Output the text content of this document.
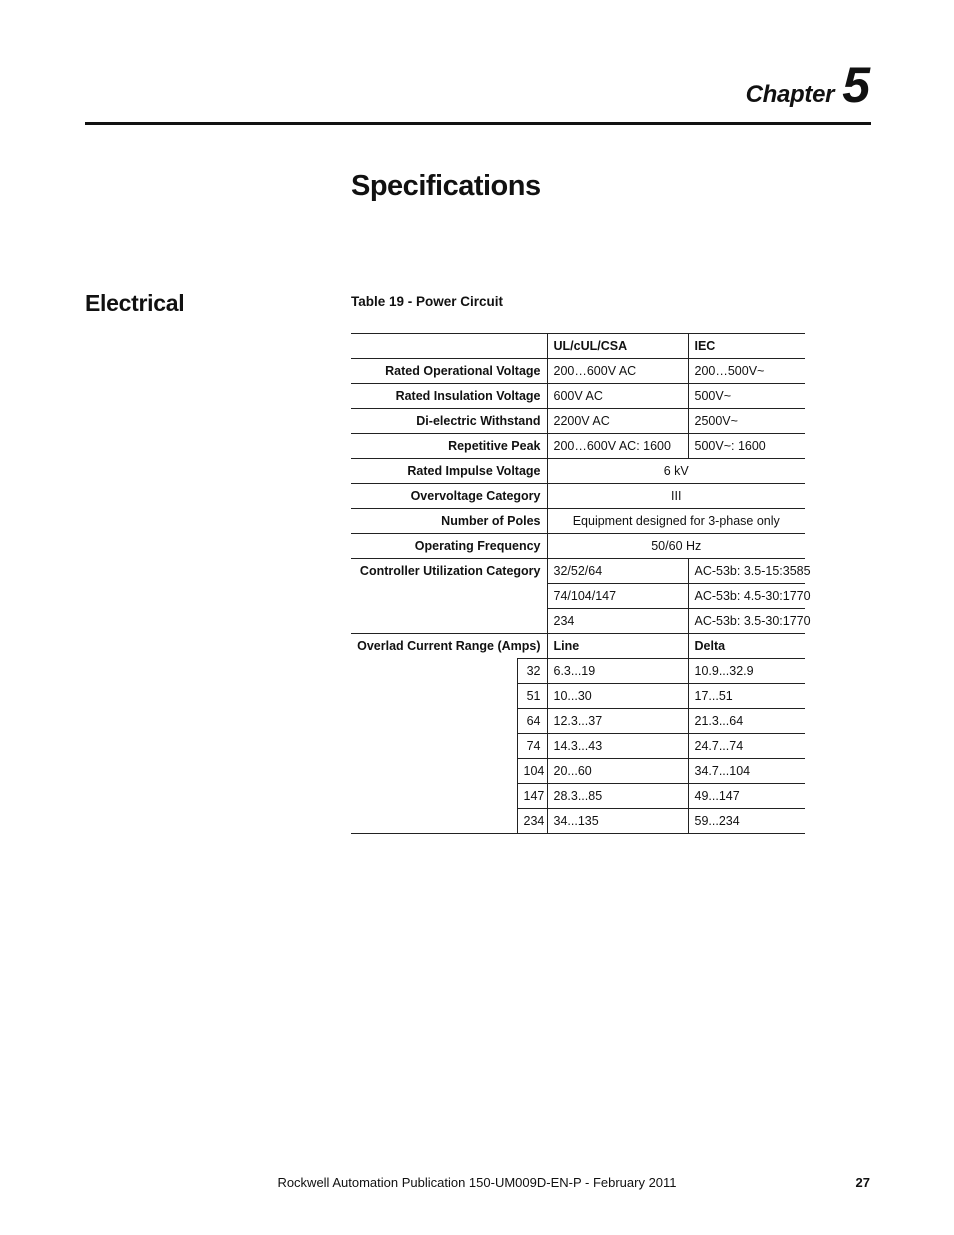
Chapter 5
Specifications
Electrical	Table 19 - Power Circuit
		UL/cUL/CSA	IEC
Rated Operational Voltage		200…600V AC	200…500V~
Rated Insulation Voltage		600V AC	500V~
Di-electric Withstand		2200V AC	2500V~
Repetitive Peak		200…600V AC: 1600	500V~: 1600
Rated Impulse Voltage		6 kV	
Overvoltage Category		III	
Number of Poles		Equipment designed for 3-phase only	
Operating Frequency		50/60 Hz	
Controller Utilization Category		32/52/64	AC-53b: 3.5-15:3585
		74/104/147	AC-53b: 4.5-30:1770
		234	AC-53b: 3.5-30:1770
Overlad Current Range (Amps)		Line	Delta
	32	6.3...19	10.9...32.9
	51	10...30	17...51
	64	12.3...37	21.3...64
	74	14.3...43	24.7...74
	104	20...60	34.7...104
	147	28.3...85	49...147
	234	34...135	59...234
Rockwell Automation Publication 150-UM009D-EN-P - February 2011	27
